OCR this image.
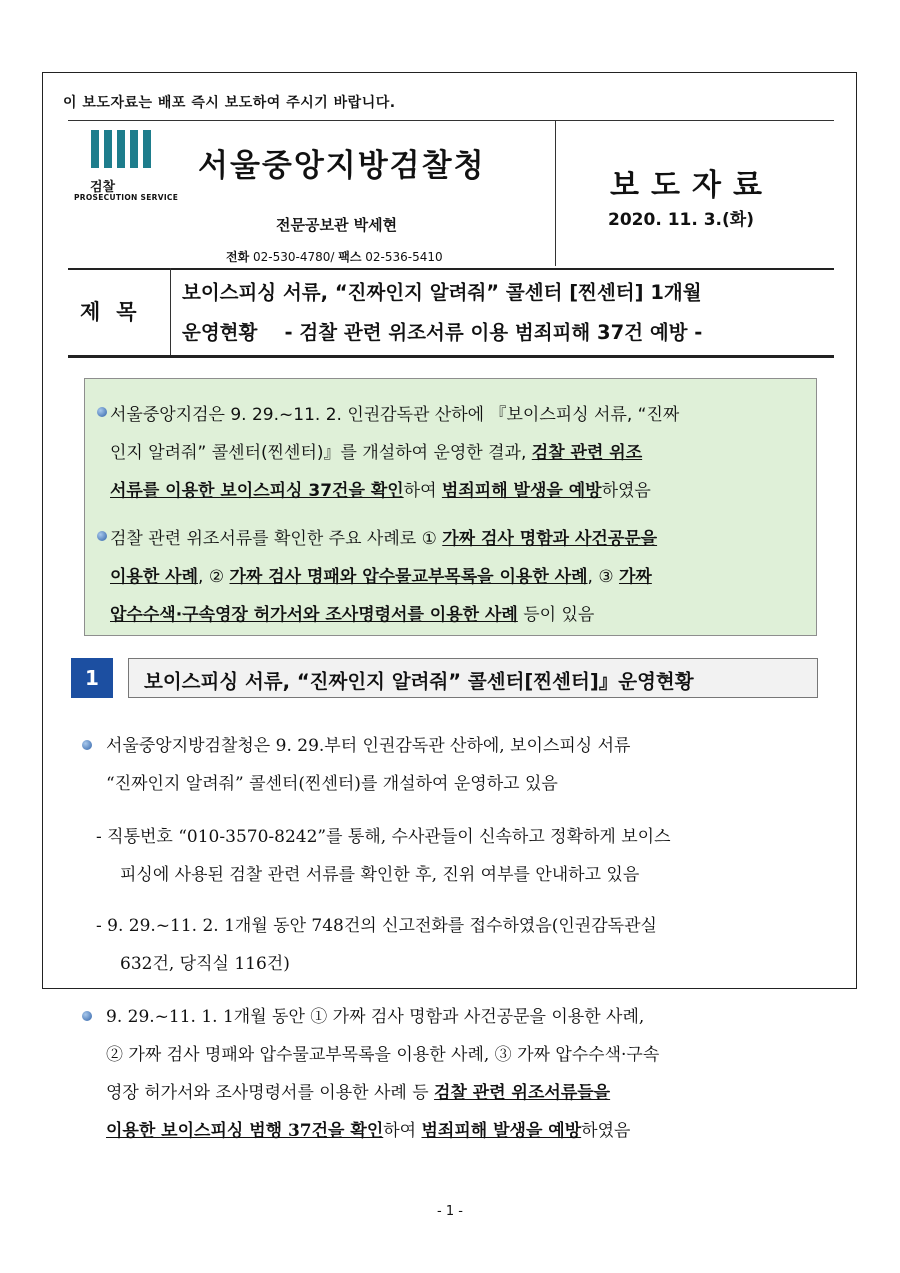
이 보도자료는 배포 즉시 보도하여 주시기 바랍니다.
검찰
PROSECUTION SERVICE
서울중앙지방검찰청
전문공보관 박세현
전화 02-530-4780/ 팩스 02-536-5410
보도자료
2020. 11. 3.(화)
제목
보이스피싱 서류, “진짜인지 알려줘” 콜센터 [찐센터] 1개월
운영현황 - 검찰 관련 위조서류 이용 범죄피해 37건 예방 -
서울중앙지검은 9. 29.~11. 2. 인권감독관 산하에 『보이스피싱 서류, “진짜
인지 알려줘” 콜센터(찐센터)』를 개설하여 운영한 결과, 검찰 관련 위조
서류를 이용한 보이스피싱 37건을 확인하여 범죄피해 발생을 예방하였음
검찰 관련 위조서류를 확인한 주요 사례로 ① 가짜 검사 명함과 사건공문을
이용한 사례, ② 가짜 검사 명패와 압수물교부목록을 이용한 사례, ③ 가짜
압수수색·구속영장 허가서와 조사명령서를 이용한 사례 등이 있음
1	보이스피싱 서류, “진짜인지 알려줘” 콜센터[찐센터]』운영현황
서울중앙지방검찰청은 9. 29.부터 인권감독관 산하에, 보이스피싱 서류
“진짜인지 알려줘” 콜센터(찐센터)를 개설하여 운영하고 있음
- 직통번호 “010-3570-8242”를 통해, 수사관들이 신속하고 정확하게 보이스
피싱에 사용된 검찰 관련 서류를 확인한 후, 진위 여부를 안내하고 있음
- 9. 29.~11. 2. 1개월 동안 748건의 신고전화를 접수하였음(인권감독관실
632건, 당직실 116건)
9. 29.~11. 1. 1개월 동안 ① 가짜 검사 명함과 사건공문을 이용한 사례,
② 가짜 검사 명패와 압수물교부목록을 이용한 사례, ③ 가짜 압수수색·구속
영장 허가서와 조사명령서를 이용한 사례 등 검찰 관련 위조서류들을
이용한 보이스피싱 범행 37건을 확인하여 범죄피해 발생을 예방하였음
- 1 -
